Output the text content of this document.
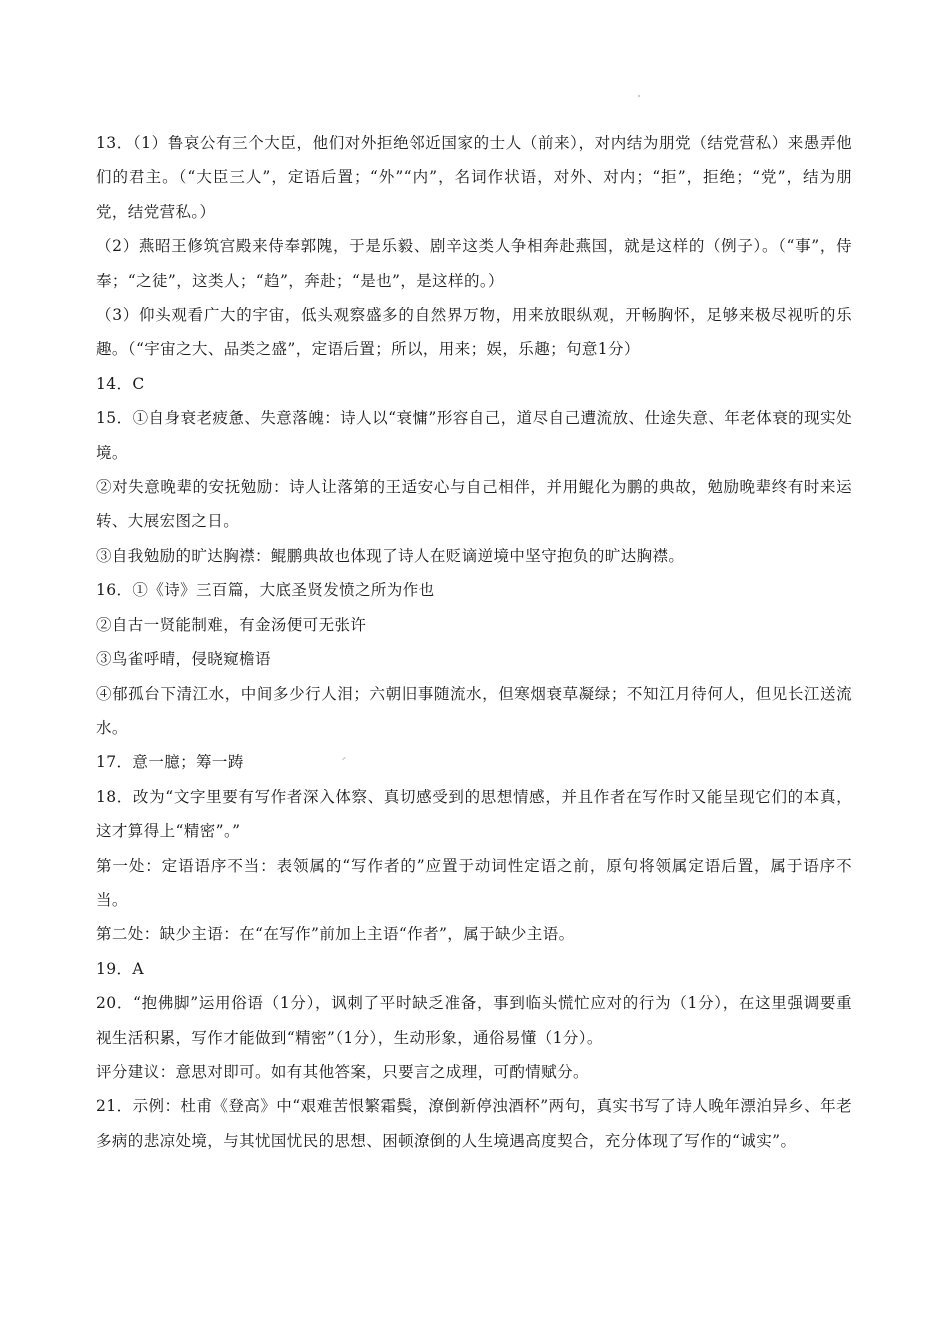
13．（1）鲁哀公有三个大臣，他们对外拒绝邻近国家的士人（前来），对内结为朋党（结党营私）来愚弄他们的君主。（“大臣三人”，定语后置；“外”“内”，名词作状语，对外、对内；“拒”，拒绝；“党”，结为朋党，结党营私。）

（2）燕昭王修筑宫殿来侍奉郭隗，于是乐毅、剧辛这类人争相奔赴燕国，就是这样的（例子）。（“事”，侍奉；“之徒”，这类人；“趋”，奔赴；“是也”，是这样的。）

（3）仰头观看广大的宇宙，低头观察盛多的自然界万物，用来放眼纵观，开畅胸怀，足够来极尽视听的乐趣。（“宇宙之大、品类之盛”，定语后置；所以，用来；娱，乐趣；句意1分）

14．C

15．①自身衰老疲惫、失意落魄：诗人以“衰慵”形容自己，道尽自己遭流放、仕途失意、年老体衰的现实处境。

②对失意晚辈的安抚勉励：诗人让落第的王适安心与自己相伴，并用鲲化为鹏的典故，勉励晚辈终有时来运转、大展宏图之日。

③自我勉励的旷达胸襟：鲲鹏典故也体现了诗人在贬谪逆境中坚守抱负的旷达胸襟。

16．①《诗》三百篇，大底圣贤发愤之所为作也

②自古一贤能制难，有金汤便可无张许

③鸟雀呼晴，侵晓窥檐语

④郁孤台下清江水，中间多少行人泪；六朝旧事随流水，但寒烟衰草凝绿；不知江月待何人，但见长江送流水。

17．意一臆；筹一踌

18．改为“文字里要有写作者深入体察、真切感受到的思想情感，并且作者在写作时又能呈现它们的本真，这才算得上“精密”。”

第一处：定语语序不当：表领属的“写作者的”应置于动词性定语之前，原句将领属定语后置，属于语序不当。

第二处：缺少主语：在“在写作”前加上主语“作者”，属于缺少主语。

19．A

20．“抱佛脚”运用俗语（1分），讽刺了平时缺乏准备，事到临头慌忙应对的行为（1分），在这里强调要重视生活积累，写作才能做到“精密”（1分），生动形象，通俗易懂（1分）。

评分建议：意思对即可。如有其他答案，只要言之成理，可酌情赋分。

21．示例：杜甫《登高》中“艰难苦恨繁霜鬓，潦倒新停浊酒杯”两句，真实书写了诗人晚年漂泊异乡、年老多病的悲凉处境，与其忧国忧民的思想、困顿潦倒的人生境遇高度契合，充分体现了写作的“诚实”。
